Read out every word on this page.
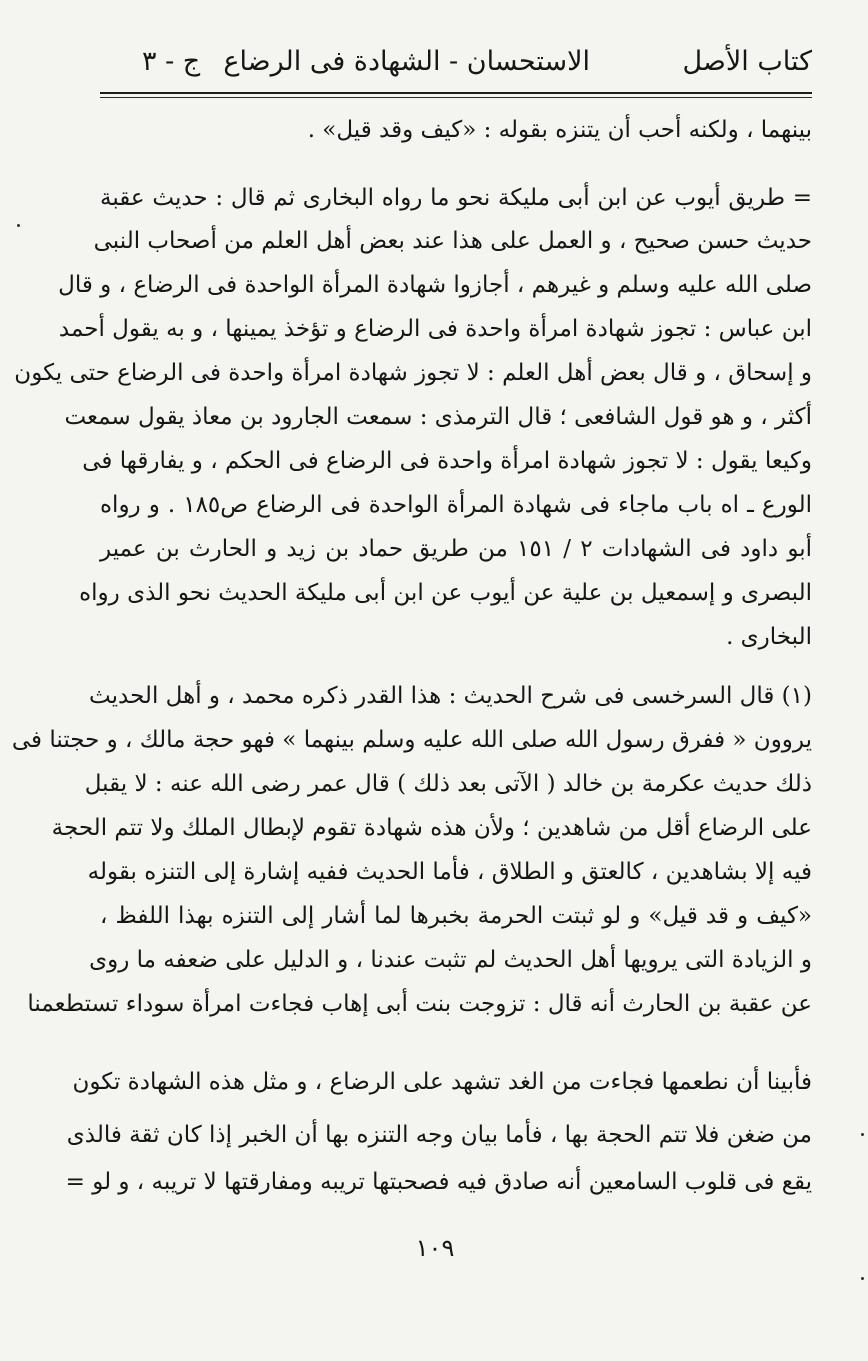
كتاب الأصل
الاستحسان - الشهادة فى الرضاع
ج - ٣
بينهما ، ولكنه أحب أن يتنزه بقوله : «كيف وقد قيل» .
= طريق أيوب عن ابن أبى مليكة نحو ما رواه البخارى ثم قال : حديث عقبة
حديث حسن صحيح ، و العمل على هذا عند بعض أهل العلم من أصحاب النبى
صلى الله عليه وسلم و غيرهم ، أجازوا شهادة المرأة الواحدة فى الرضاع ، و قال
ابن عباس : تجوز شهادة امرأة واحدة فى الرضاع و تؤخذ يمينها ، و به يقول أحمد
و إسحاق ، و قال بعض أهل العلم : لا تجوز شهادة امرأة واحدة فى الرضاع حتى يكون
أكثر ، و هو قول الشافعى ؛ قال الترمذى : سمعت الجارود بن معاذ يقول سمعت
وكيعا يقول : لا تجوز شهادة امرأة واحدة فى الرضاع فى الحكم ، و يفارقها فى
الورع ـ اه باب ماجاء فى شهادة المرأة الواحدة فى الرضاع ص١٨٥ . و رواه
أبو داود فى الشهادات ٢ / ١٥١ من طريق حماد بن زيد و الحارث بن عمير
البصرى و إسمعيل بن علية عن أيوب عن ابن أبى مليكة الحديث نحو الذى رواه
البخارى .
(١) قال السرخسى فى شرح الحديث : هذا القدر ذكره محمد ، و أهل الحديث
يروون « ففرق رسول الله صلى الله عليه وسلم بينهما » فهو حجة مالك ، و حجتنا فى
ذلك حديث عكرمة بن خالد ( الآتى بعد ذلك ) قال عمر رضى الله عنه : لا يقبل
على الرضاع أقل من شاهدين ؛ ولأن هذه شهادة تقوم لإبطال الملك ولا تتم الحجة
فيه إلا بشاهدين ، كالعتق و الطلاق ، فأما الحديث ففيه إشارة إلى التنزه بقوله
«كيف و قد قيل» و لو ثبتت الحرمة بخبرها لما أشار إلى التنزه بهذا اللفظ ،
و الزيادة التى يرويها أهل الحديث لم تثبت عندنا ، و الدليل على ضعفه ما روى
عن عقبة بن الحارث أنه قال : تزوجت بنت أبى إهاب فجاءت امرأة سوداء تستطعمنا
فأبينا أن نطعمها فجاءت من الغد تشهد على الرضاع ، و مثل هذه الشهادة تكون
من ضغن فلا تتم الحجة بها ، فأما بيان وجه التنزه بها أن الخبر إذا كان ثقة فالذى
يقع فى قلوب السامعين أنه صادق فيه فصحبتها تريبه ومفارقتها لا تريبه ، و لو =
١٠٩
